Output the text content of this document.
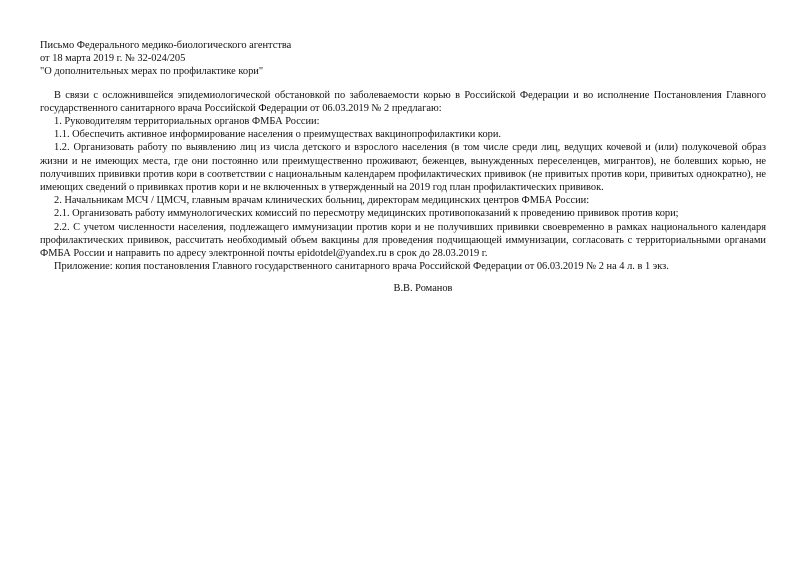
Письмо Федерального медико-биологического агентства

от 18 марта 2019 г. № 32-024/205

"О дополнительных мерах по профилактике кори"

В связи с осложнившейся эпидемиологической обстановкой по заболеваемости корью в Российской Федерации и во исполнение Постановления Главного государственного санитарного врача Российской Федерации от 06.03.2019 № 2 предлагаю:

1. Руководителям территориальных органов ФМБА России:

1.1. Обеспечить активное информирование населения о преимуществах вакцинопрофилактики кори.

1.2. Организовать работу по выявлению лиц из числа детского и взрослого населения (в том числе среди лиц, ведущих кочевой и (или) полукочевой образ жизни и не имеющих места, где они постоянно или преимущественно проживают, беженцев, вынужденных переселенцев, мигрантов), не болевших корью, не получивших прививки против кори в соответствии с национальным календарем профилактических прививок (не привитых против кори, привитых однократно), не имеющих сведений о прививках против кори и не включенных в утвержденный на 2019 год план профилактических прививок.

2. Начальникам МСЧ / ЦМСЧ, главным врачам клинических больниц, директорам медицинских центров ФМБА России:

2.1. Организовать работу иммунологических комиссий по пересмотру медицинских противопоказаний к проведению прививок против кори;

2.2. С учетом численности населения, подлежащего иммунизации против кори и не получивших прививки своевременно в рамках национального календаря профилактических прививок, рассчитать необходимый объем вакцины для проведения подчищающей иммунизации, согласовать с территориальными органами ФМБА России и направить по адресу электронной почты epidotdel@yandex.ru в срок до 28.03.2019 г.

Приложение: копия постановления Главного государственного санитарного врача Российской Федерации от 06.03.2019 № 2 на 4 л. в 1 экз.

В.В. Романов
